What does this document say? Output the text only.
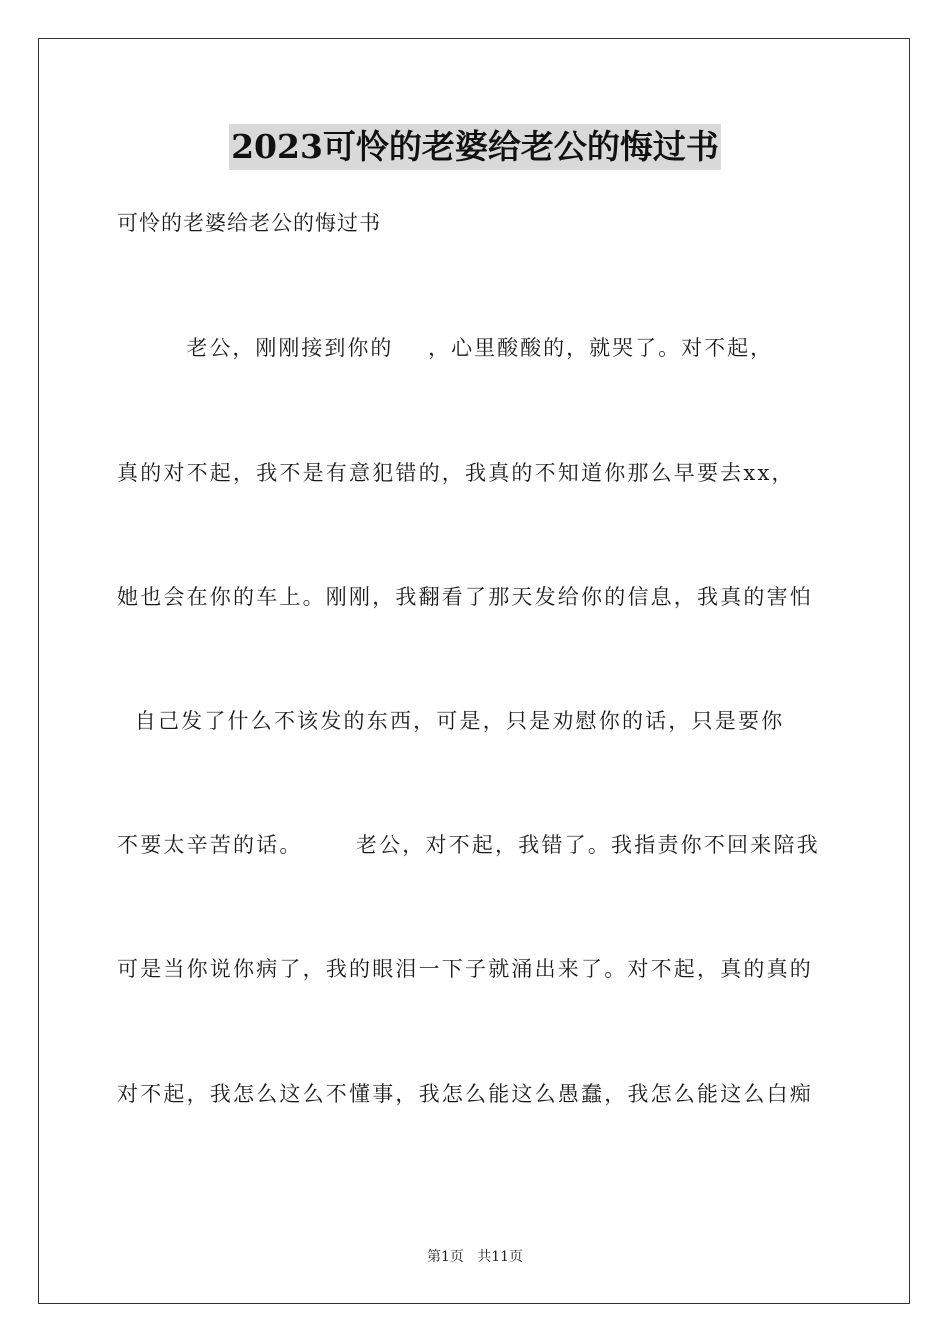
2023可怜的老婆给老公的悔过书
可怜的老婆给老公的悔过书
老公，刚刚接到你的    ，心里酸酸的，就哭了。对不起，
真的对不起，我不是有意犯错的，我真的不知道你那么早要去xx，
她也会在你的车上。刚刚，我翻看了那天发给你的信息，我真的害怕
自己发了什么不该发的东西，可是，只是劝慰你的话，只是要你
不要太辛苦的话。      老公，对不起，我错了。我指责你不回来陪我
可是当你说你病了，我的眼泪一下子就涌出来了。对不起，真的真的
对不起，我怎么这么不懂事，我怎么能这么愚蠢，我怎么能这么白痴
第1页   共11页
